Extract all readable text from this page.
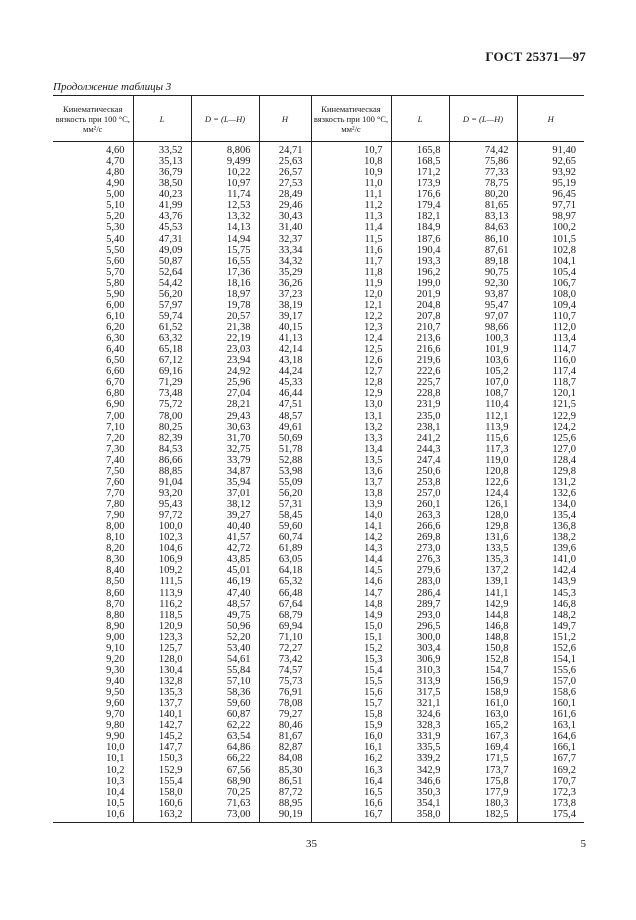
ГОСТ 25371—97
Продолжение таблицы 3
Кинематическая вязкость при 100 °С, мм²/с	L	D = (L—H)	H	Кинематическая вязкость при 100 °С, мм²/с	L	D = (L—H)	H
4,60	33,52	8,806	24,71	10,7	165,8	74,42	91,40
4,70	35,13	9,499	25,63	10,8	168,5	75,86	92,65
4,80	36,79	10,22	26,57	10,9	171,2	77,33	93,92
4,90	38,50	10,97	27,53	11,0	173,9	78,75	95,19
5,00	40,23	11,74	28,49	11,1	176,6	80,20	96,45
5,10	41,99	12,53	29,46	11,2	179,4	81,65	97,71
5,20	43,76	13,32	30,43	11,3	182,1	83,13	98,97
5,30	45,53	14,13	31,40	11,4	184,9	84,63	100,2
5,40	47,31	14,94	32,37	11,5	187,6	86,10	101,5
5,50	49,09	15,75	33,34	11,6	190,4	87,61	102,8
5,60	50,87	16,55	34,32	11,7	193,3	89,18	104,1
5,70	52,64	17,36	35,29	11,8	196,2	90,75	105,4
5,80	54,42	18,16	36,26	11,9	199,0	92,30	106,7
5,90	56,20	18,97	37,23	12,0	201,9	93,87	108,0
6,00	57,97	19,78	38,19	12,1	204,8	95,47	109,4
6,10	59,74	20,57	39,17	12,2	207,8	97,07	110,7
6,20	61,52	21,38	40,15	12,3	210,7	98,66	112,0
6,30	63,32	22,19	41,13	12,4	213,6	100,3	113,4
6,40	65,18	23,03	42,14	12,5	216,6	101,9	114,7
6,50	67,12	23,94	43,18	12,6	219,6	103,6	116,0
6,60	69,16	24,92	44,24	12,7	222,6	105,2	117,4
6,70	71,29	25,96	45,33	12,8	225,7	107,0	118,7
6,80	73,48	27,04	46,44	12,9	228,8	108,7	120,1
6,90	75,72	28,21	47,51	13,0	231,9	110,4	121,5
7,00	78,00	29,43	48,57	13,1	235,0	112,1	122,9
7,10	80,25	30,63	49,61	13,2	238,1	113,9	124,2
7,20	82,39	31,70	50,69	13,3	241,2	115,6	125,6
7,30	84,53	32,75	51,78	13,4	244,3	117,3	127,0
7,40	86,66	33,79	52,88	13,5	247,4	119,0	128,4
7,50	88,85	34,87	53,98	13,6	250,6	120,8	129,8
7,60	91,04	35,94	55,09	13,7	253,8	122,6	131,2
7,70	93,20	37,01	56,20	13,8	257,0	124,4	132,6
7,80	95,43	38,12	57,31	13,9	260,1	126,1	134,0
7,90	97,72	39,27	58,45	14,0	263,3	128,0	135,4
8,00	100,0	40,40	59,60	14,1	266,6	129,8	136,8
8,10	102,3	41,57	60,74	14,2	269,8	131,6	138,2
8,20	104,6	42,72	61,89	14,3	273,0	133,5	139,6
8,30	106,9	43,85	63,05	14,4	276,3	135,3	141,0
8,40	109,2	45,01	64,18	14,5	279,6	137,2	142,4
8,50	111,5	46,19	65,32	14,6	283,0	139,1	143,9
8,60	113,9	47,40	66,48	14,7	286,4	141,1	145,3
8,70	116,2	48,57	67,64	14,8	289,7	142,9	146,8
8,80	118,5	49,75	68,79	14,9	293,0	144,8	148,2
8,90	120,9	50,96	69,94	15,0	296,5	146,8	149,7
9,00	123,3	52,20	71,10	15,1	300,0	148,8	151,2
9,10	125,7	53,40	72,27	15,2	303,4	150,8	152,6
9,20	128,0	54,61	73,42	15,3	306,9	152,8	154,1
9,30	130,4	55,84	74,57	15,4	310,3	154,7	155,6
9,40	132,8	57,10	75,73	15,5	313,9	156,9	157,0
9,50	135,3	58,36	76,91	15,6	317,5	158,9	158,6
9,60	137,7	59,60	78,08	15,7	321,1	161,0	160,1
9,70	140,1	60,87	79,27	15,8	324,6	163,0	161,6
9,80	142,7	62,22	80,46	15,9	328,3	165,2	163,1
9,90	145,2	63,54	81,67	16,0	331,9	167,3	164,6
10,0	147,7	64,86	82,87	16,1	335,5	169,4	166,1
10,1	150,3	66,22	84,08	16,2	339,2	171,5	167,7
10,2	152,9	67,56	85,30	16,3	342,9	173,7	169,2
10,3	155,4	68,90	86,51	16,4	346,6	175,8	170,7
10,4	158,0	70,25	87,72	16,5	350,3	177,9	172,3
10,5	160,6	71,63	88,95	16,6	354,1	180,3	173,8
10,6	163,2	73,00	90,19	16,7	358,0	182,5	175,4
35	5
